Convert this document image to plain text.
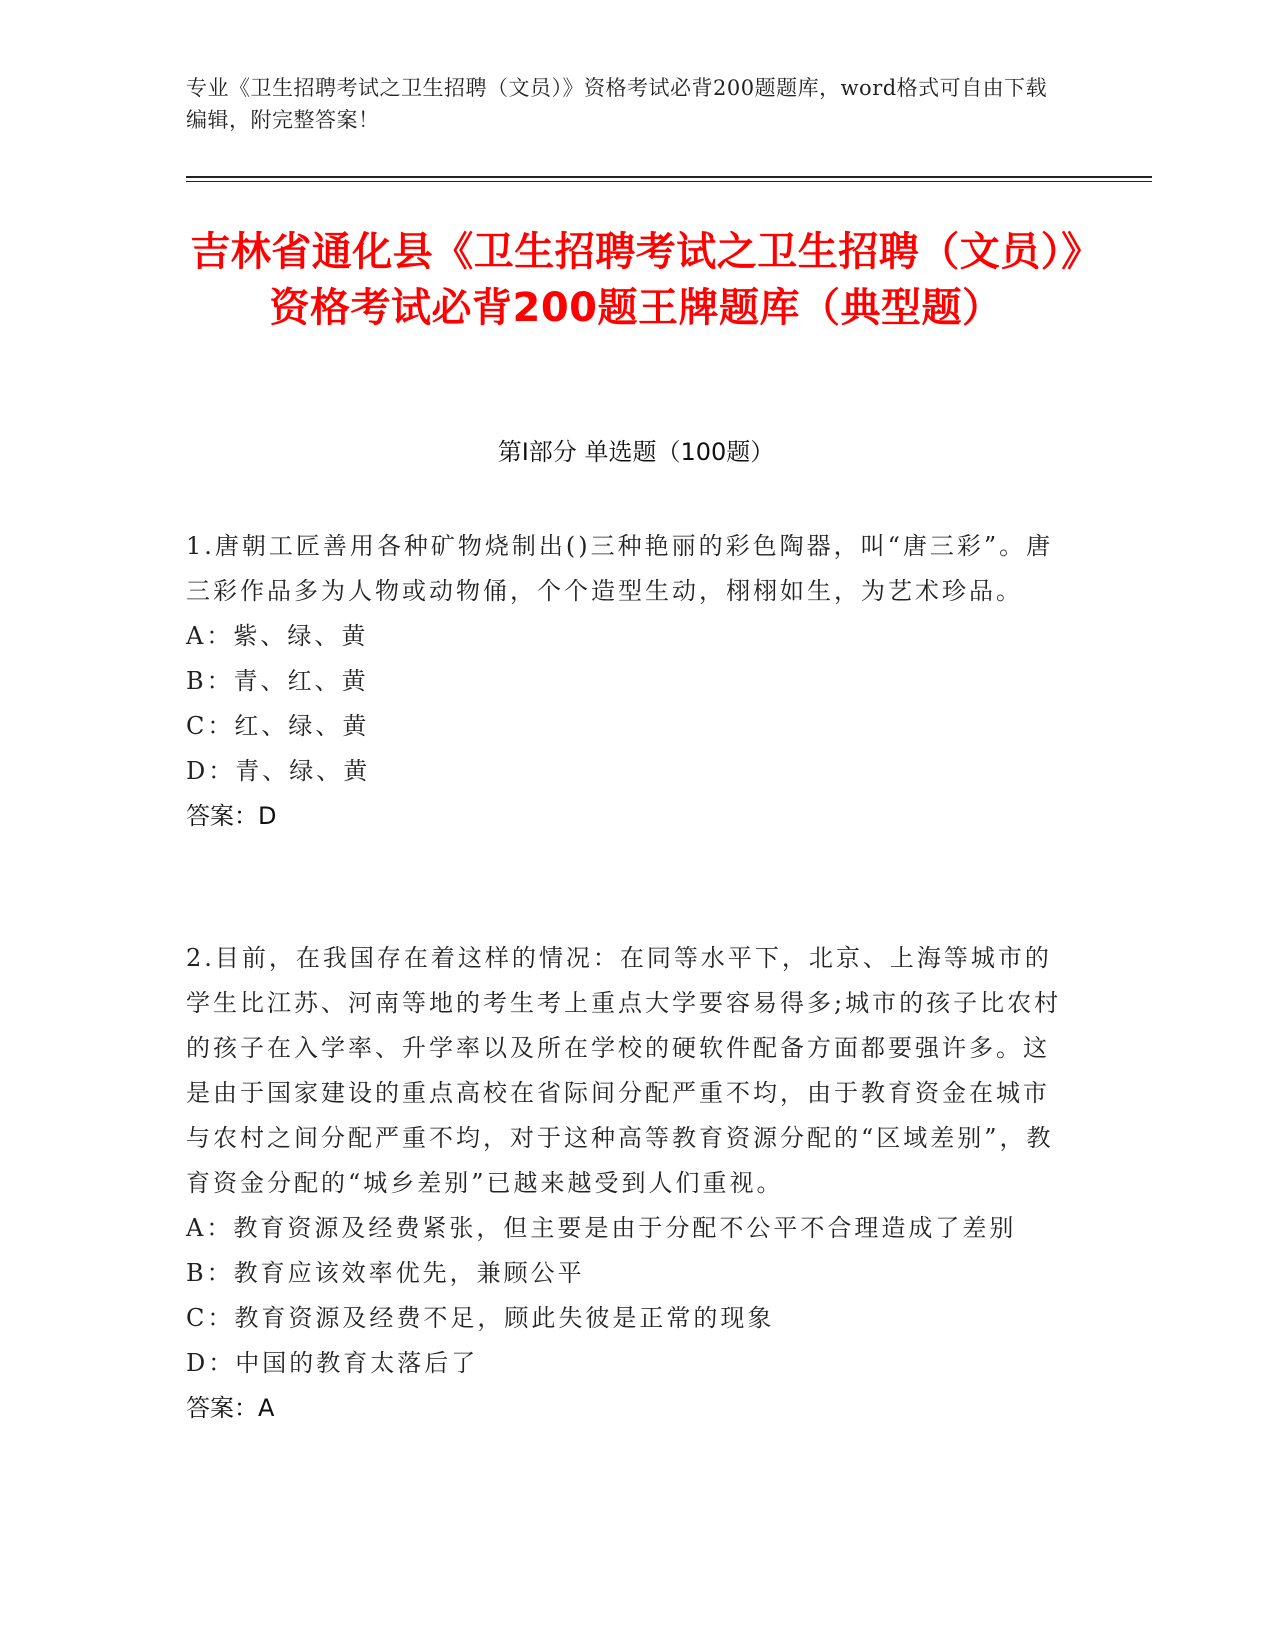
专业《卫生招聘考试之卫生招聘（文员）》资格考试必背200题题库，word格式可自由下载编辑，附完整答案！
吉林省通化县《卫生招聘考试之卫生招聘（文员）》资格考试必背200题王牌题库（典型题）
第Ⅰ部分 单选题（100题）

1.唐朝工匠善用各种矿物烧制出()三种艳丽的彩色陶器，叫“唐三彩”。唐三彩作品多为人物或动物俑，个个造型生动，栩栩如生，为艺术珍品。

A：紫、绿、黄

B：青、红、黄

C：红、绿、黄

D：青、绿、黄

答案：D

2.目前，在我国存在着这样的情况：在同等水平下，北京、上海等城市的学生比江苏、河南等地的考生考上重点大学要容易得多;城市的孩子比农村的孩子在入学率、升学率以及所在学校的硬软件配备方面都要强许多。这是由于国家建设的重点高校在省际间分配严重不均，由于教育资金在城市与农村之间分配严重不均，对于这种高等教育资源分配的“区域差别”，教育资金分配的“城乡差别”已越来越受到人们重视。

A：教育资源及经费紧张，但主要是由于分配不公平不合理造成了差别

B：教育应该效率优先，兼顾公平

C：教育资源及经费不足，顾此失彼是正常的现象

D：中国的教育太落后了

答案：A
